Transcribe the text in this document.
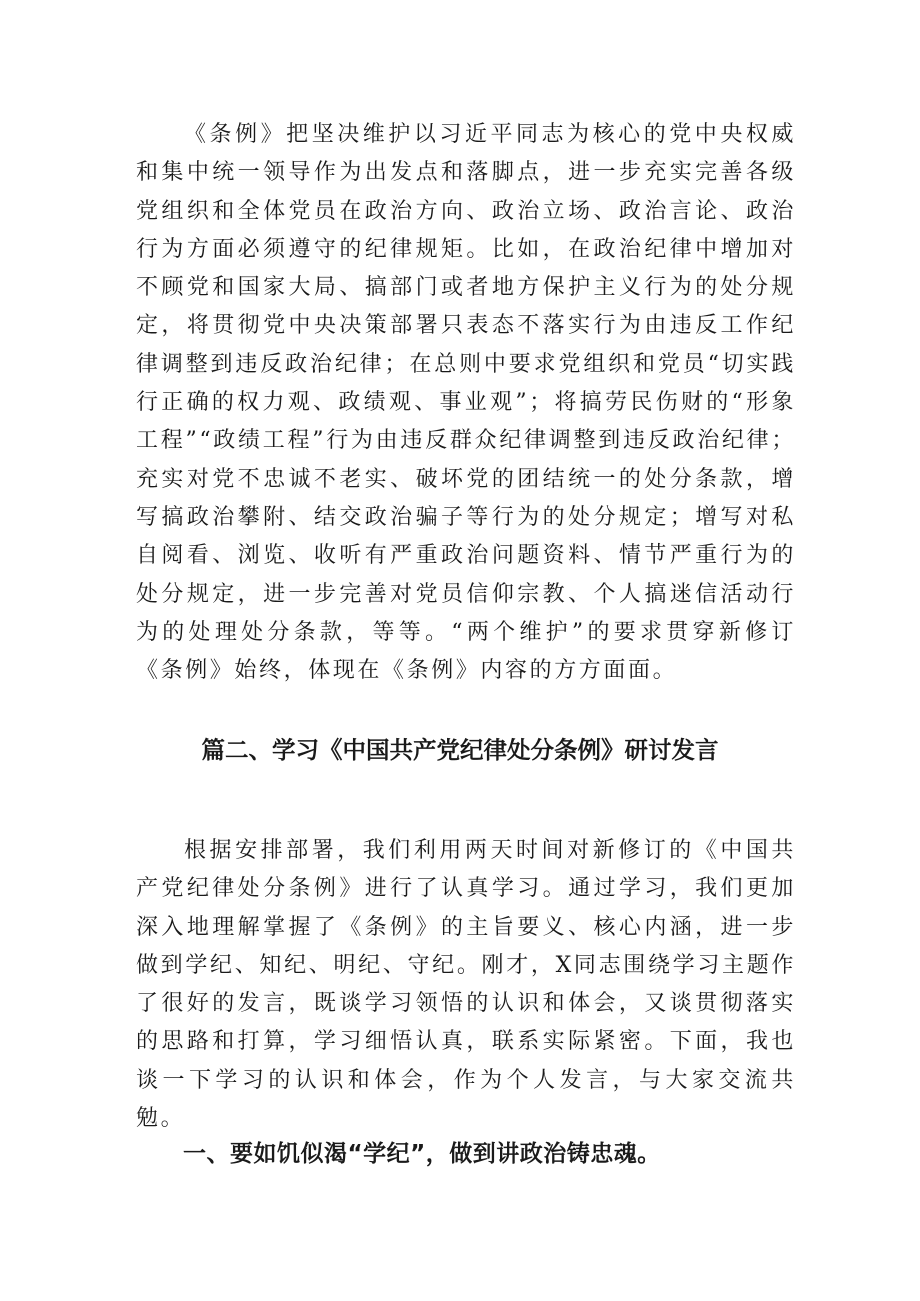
《条例》把坚决维护以习近平同志为核心的党中央权威和集中统一领导作为出发点和落脚点，进一步充实完善各级党组织和全体党员在政治方向、政治立场、政治言论、政治行为方面必须遵守的纪律规矩。比如，在政治纪律中增加对不顾党和国家大局、搞部门或者地方保护主义行为的处分规定，将贯彻党中央决策部署只表态不落实行为由违反工作纪律调整到违反政治纪律；在总则中要求党组织和党员“切实践行正确的权力观、政绩观、事业观”；将搞劳民伤财的“形象工程”“政绩工程”行为由违反群众纪律调整到违反政治纪律；充实对党不忠诚不老实、破坏党的团结统一的处分条款，增写搞政治攀附、结交政治骗子等行为的处分规定；增写对私自阅看、浏览、收听有严重政治问题资料、情节严重行为的处分规定，进一步完善对党员信仰宗教、个人搞迷信活动行为的处理处分条款，等等。“两个维护”的要求贯穿新修订《条例》始终，体现在《条例》内容的方方面面。

篇二、学习《中国共产党纪律处分条例》研讨发言

根据安排部署，我们利用两天时间对新修订的《中国共产党纪律处分条例》进行了认真学习。通过学习，我们更加深入地理解掌握了《条例》的主旨要义、核心内涵，进一步做到学纪、知纪、明纪、守纪。刚才，X同志围绕学习主题作了很好的发言，既谈学习领悟的认识和体会，又谈贯彻落实的思路和打算，学习细悟认真，联系实际紧密。下面，我也谈一下学习的认识和体会，作为个人发言，与大家交流共勉。

一、要如饥似渴“学纪”，做到讲政治铸忠魂。
